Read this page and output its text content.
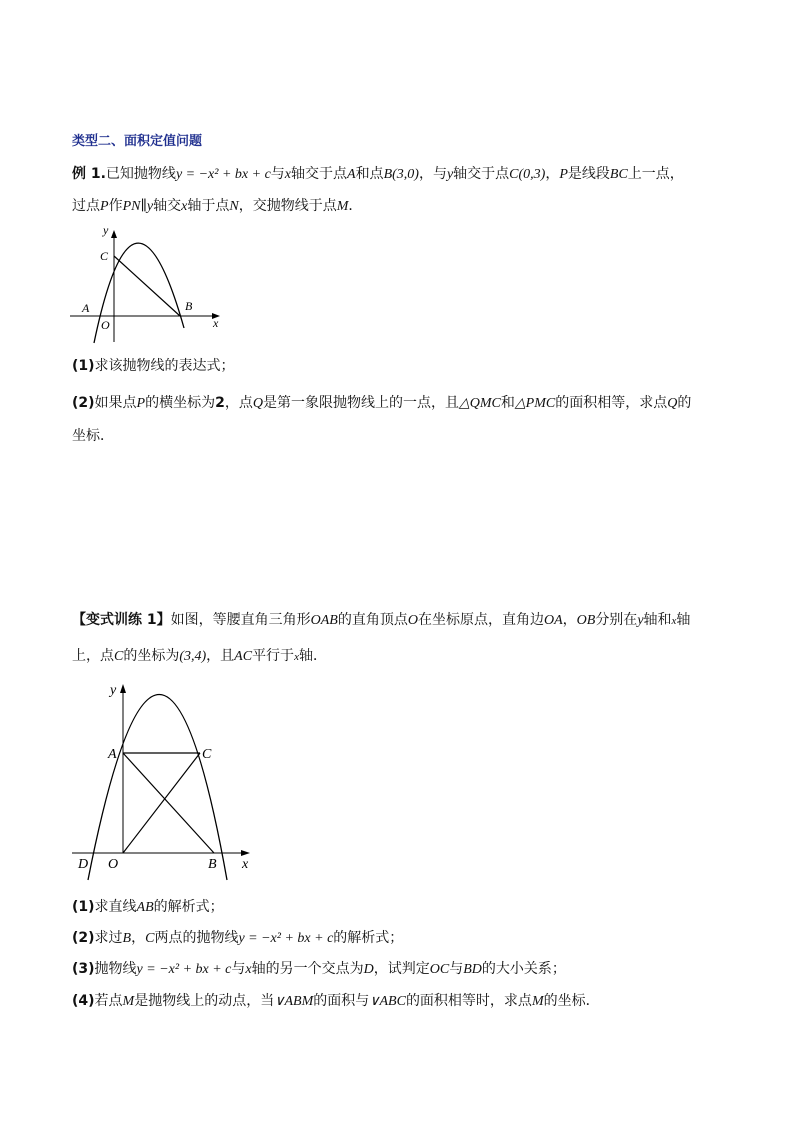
类型二、面积定值问题
例 1.已知抛物线y = −x² + bx + c与x轴交于点A和点B(3,0)，与y轴交于点C(0,3)，P是线段BC上一点，
过点P作PN∥y轴交x轴于点N，交抛物线于点M．
y
C
A
O
B
x
(1)求该抛物线的表达式；
(2)如果点P的横坐标为2，点Q是第一象限抛物线上的一点，且△QMC和△PMC的面积相等，求点Q的
坐标．
【变式训练 1】如图，等腰直角三角形OAB的直角顶点O在坐标原点，直角边OA，OB分别在y轴和x轴
上，点C的坐标为(3,4)，且AC平行于x轴．
y
A	C
D O	B x
(1)求直线AB的解析式；
(2)求过B，C两点的抛物线y = −x² + bx + c的解析式；
(3)抛物线y = −x² + bx + c与x轴的另一个交点为D，试判定OC与BD的大小关系；
(4)若点M是抛物线上的动点，当∨ABM的面积与∨ABC的面积相等时，求点M的坐标．
